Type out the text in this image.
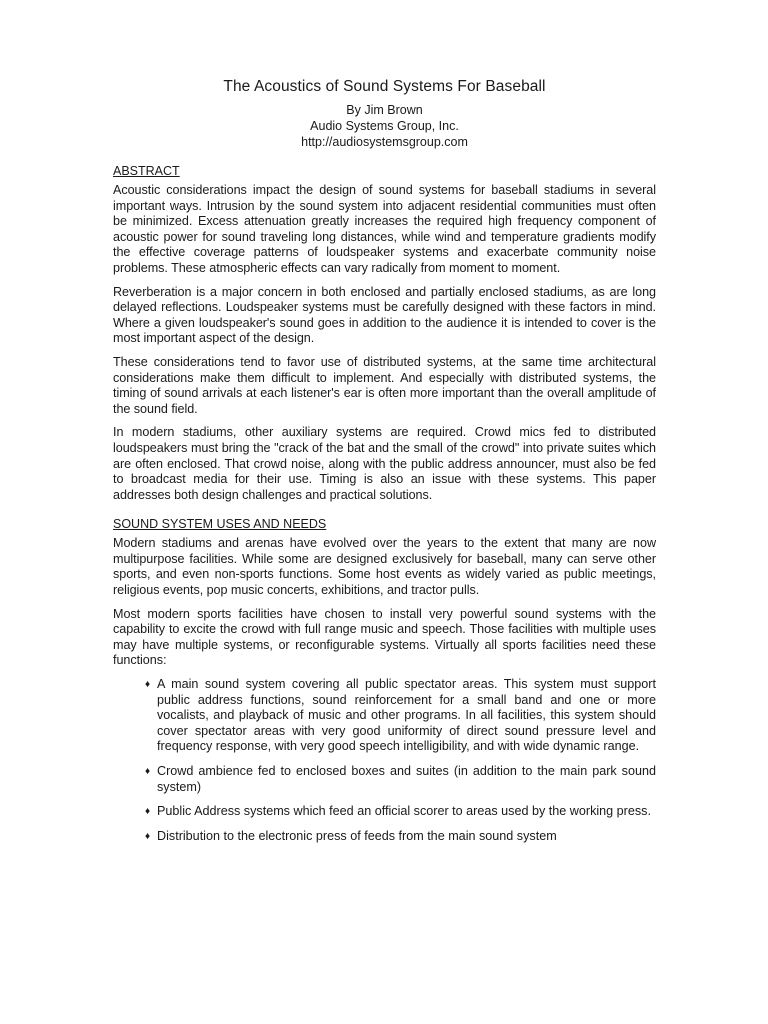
The Acoustics of Sound Systems For Baseball
By Jim Brown
Audio Systems Group, Inc.
http://audiosystemsgroup.com
ABSTRACT

Acoustic considerations impact the design of sound systems for baseball stadiums in several important ways. Intrusion by the sound system into adjacent residential communities must often be minimized. Excess attenuation greatly increases the required high frequency component of acoustic power for sound traveling long distances, while wind and temperature gradients modify the effective coverage patterns of loudspeaker systems and exacerbate community noise problems. These atmospheric effects can vary radically from moment to moment.

Reverberation is a major concern in both enclosed and partially enclosed stadiums, as are long delayed reflections. Loudspeaker systems must be carefully designed with these factors in mind. Where a given loudspeaker's sound goes in addition to the audience it is intended to cover is the most important aspect of the design.

These considerations tend to favor use of distributed systems, at the same time architectural considerations make them difficult to implement. And especially with distributed systems, the timing of sound arrivals at each listener's ear is often more important than the overall amplitude of the sound field.

In modern stadiums, other auxiliary systems are required. Crowd mics fed to distributed loudspeakers must bring the "crack of the bat and the small of the crowd" into private suites which are often enclosed. That crowd noise, along with the public address announcer, must also be fed to broadcast media for their use. Timing is also an issue with these systems. This paper addresses both design challenges and practical solutions.

SOUND SYSTEM USES AND NEEDS

Modern stadiums and arenas have evolved over the years to the extent that many are now multipurpose facilities. While some are designed exclusively for baseball, many can serve other sports, and even non-sports functions. Some host events as widely varied as public meetings, religious events, pop music concerts, exhibitions, and tractor pulls.

Most modern sports facilities have chosen to install very powerful sound systems with the capability to excite the crowd with full range music and speech. Those facilities with multiple uses may have multiple systems, or reconfigurable systems. Virtually all sports facilities need these functions:

♦ A main sound system covering all public spectator areas. This system must support public address functions, sound reinforcement for a small band and one or more vocalists, and playback of music and other programs. In all facilities, this system should cover spectator areas with very good uniformity of direct sound pressure level and frequency response, with very good speech intelligibility, and with wide dynamic range.
♦ Crowd ambience fed to enclosed boxes and suites (in addition to the main park sound system)
♦ Public Address systems which feed an official scorer to areas used by the working press.
♦ Distribution to the electronic press of feeds from the main sound system
